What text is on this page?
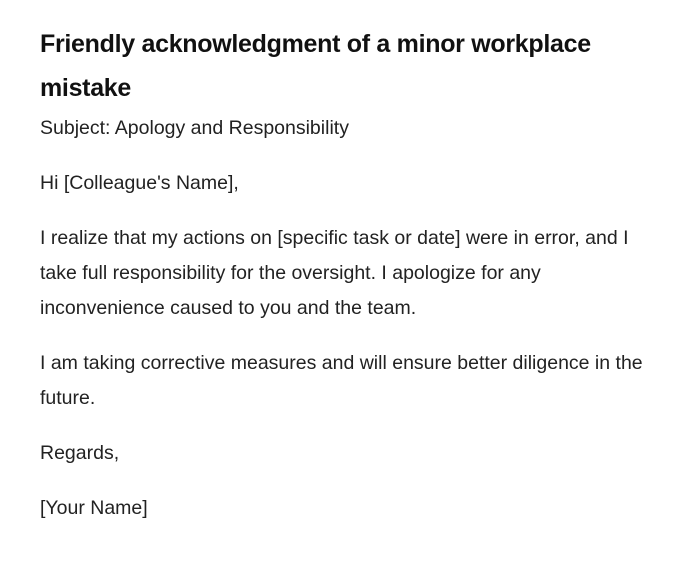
Friendly acknowledgment of a minor workplace mistake

Subject: Apology and Responsibility

Hi [Colleague's Name],

I realize that my actions on [specific task or date] were in error, and I take full responsibility for the oversight. I apologize for any inconvenience caused to you and the team.

I am taking corrective measures and will ensure better diligence in the future.

Regards,

[Your Name]
